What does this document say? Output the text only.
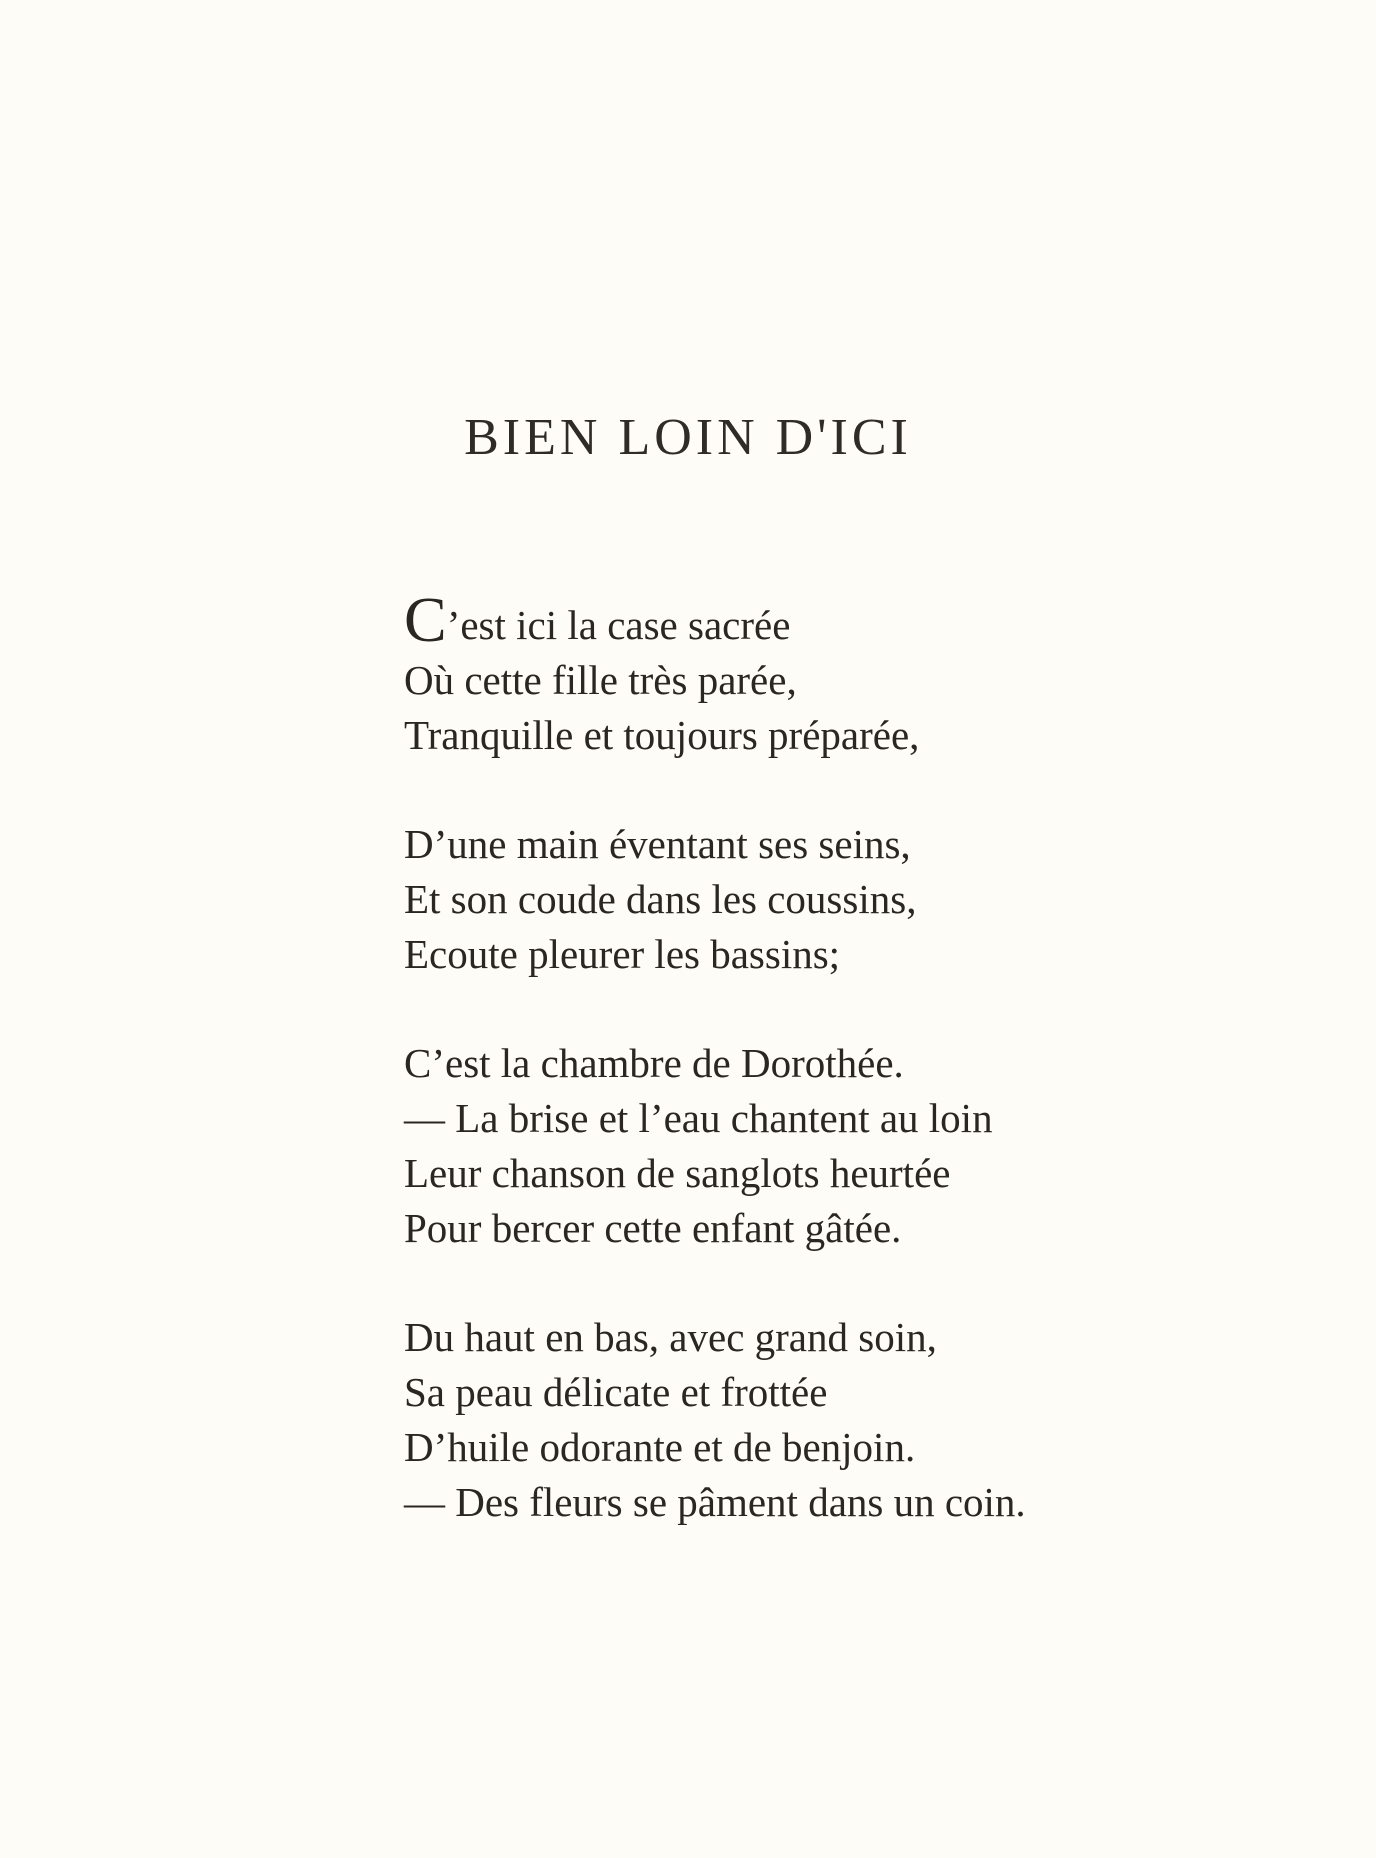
BIEN LOIN D'ICI
C’est ici la case sacrée
Où cette fille très parée,
Tranquille et toujours préparée,
D’une main éventant ses seins,
Et son coude dans les coussins,
Ecoute pleurer les bassins;
C’est la chambre de Dorothée.
— La brise et l’eau chantent au loin
Leur chanson de sanglots heurtée
Pour bercer cette enfant gâtée.
Du haut en bas, avec grand soin,
Sa peau délicate et frottée
D’huile odorante et de benjoin.
— Des fleurs se pâment dans un coin.
